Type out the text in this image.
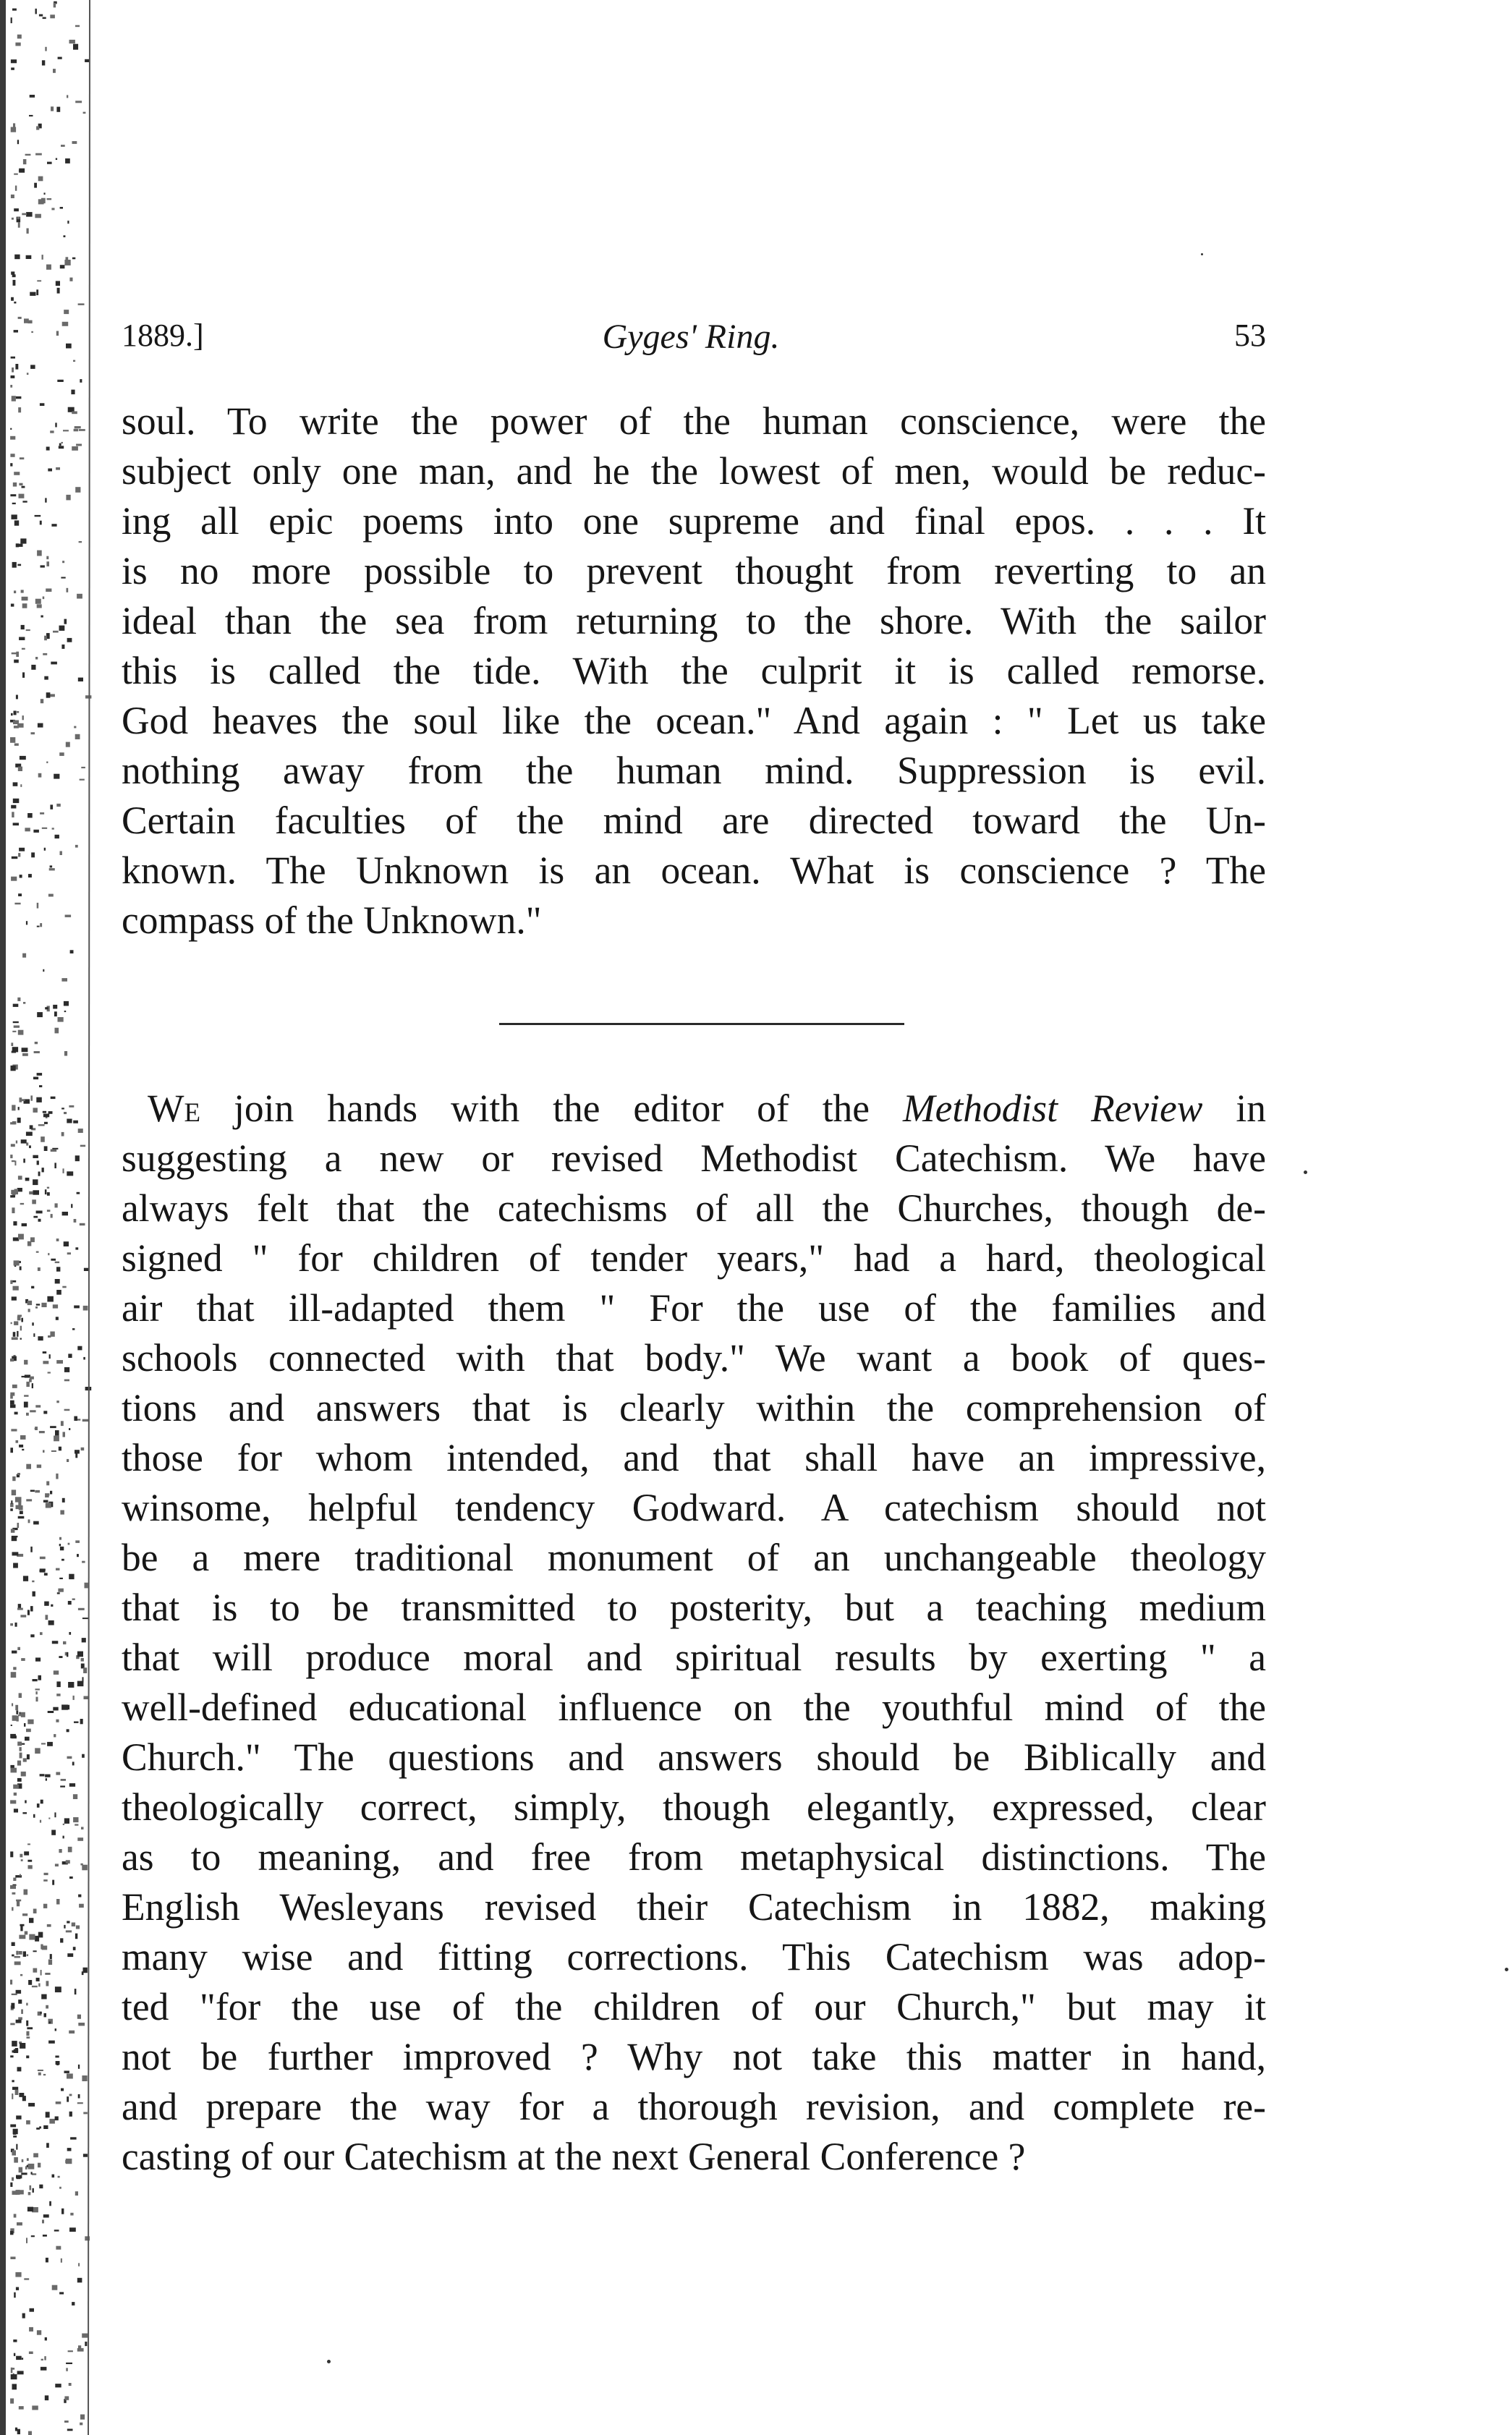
1889.]	Gyges' Ring.	53
soul. To write the power of the human conscience, were the
subject only one man, and he the lowest of men, would be reduc-
ing all epic poems into one supreme and final epos. . . . It
is no more possible to prevent thought from reverting to an
ideal than the sea from returning to the shore. With the sailor
this is called the tide. With the culprit it is called remorse.
God heaves the soul like the ocean." And again : " Let us take
nothing away from the human mind. Suppression is evil.
Certain faculties of the mind are directed toward the Un-
known. The Unknown is an ocean. What is conscience ? The
compass of the Unknown."
We join hands with the editor of the Methodist Review in
suggesting a new or revised Methodist Catechism. We have
always felt that the catechisms of all the Churches, though de-
signed " for children of tender years," had a hard, theological
air that ill-adapted them " For the use of the families and
schools connected with that body." We want a book of ques-
tions and answers that is clearly within the comprehension of
those for whom intended, and that shall have an impressive,
winsome, helpful tendency Godward. A catechism should not
be a mere traditional monument of an unchangeable theology
that is to be transmitted to posterity, but a teaching medium
that will produce moral and spiritual results by exerting " a
well-defined educational influence on the youthful mind of the
Church." The questions and answers should be Biblically and
theologically correct, simply, though elegantly, expressed, clear
as to meaning, and free from metaphysical distinctions. The
English Wesleyans revised their Catechism in 1882, making
many wise and fitting corrections. This Catechism was adop-
ted "for the use of the children of our Church," but may it
not be further improved ? Why not take this matter in hand,
and prepare the way for a thorough revision, and complete re-
casting of our Catechism at the next General Conference ?
